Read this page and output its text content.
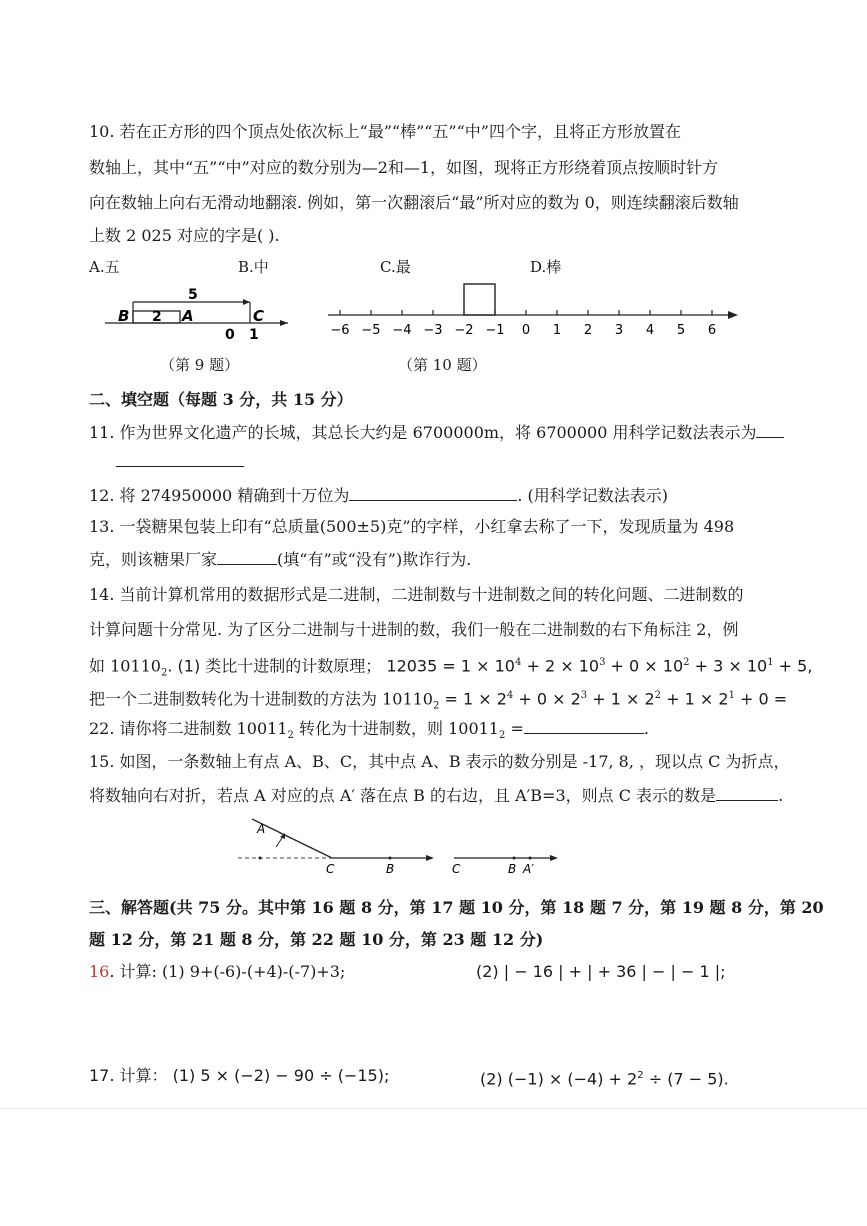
10. 若在正方形的四个顶点处依次标上“最”“棒”“五”“中”四个字，且将正方形放置在
数轴上，其中“五”“中”对应的数分别为—2和—1，如图，现将正方形绕着顶点按顺时针方
向在数轴上向右无滑动地翻滚. 例如，第一次翻滚后“最”所对应的数为 0，则连续翻滚后数轴
上数 2 025 对应的字是( ).
A.五	B.中	C.最	D.棒
B 2 A
5
C
0 1	−6 −5 −4 −3 −2 −1 0 1 2 3 4 5 6
（第 9 题）	（第 10 题）
二、填空题（每题 3 分，共 15 分）
11. 作为世界文化遗产的长城，其总长大约是 6700000m，将 6700000 用科学记数法表示为
12. 将 274950000 精确到十万位为	. (用科学记数法表示)
13. 一袋糖果包装上印有“总质量(500±5)克”的字样，小红拿去称了一下，发现质量为 498
克，则该糖果厂家	(填“有”或“没有”)欺诈行为.
14. 当前计算机常用的数据形式是二进制，二进制数与十进制数之间的转化问题、二进制数的
计算问题十分常见. 为了区分二进制与十进制的数，我们一般在二进制数的右下角标注 2，例
如 $10110_2$. (1) 类比十进制的计数原理； $12035 = 1 \times 10^4 + 2 \times 10^3 + 0 \times 10^2 + 3 \times 10^1 + 5$,
把一个二进制数转化为十进制数的方法为 $10110_2 = 1 \times 2^4 + 0 \times 2^3 + 1 \times 2^2 + 1 \times 2^1 + 0$ =
22. 请你将二进制数 $10011_2$ 转化为十进制数，则 $10011_2$ =	.
15. 如图，一条数轴上有点 A、B、C，其中点 A、B 表示的数分别是 -17, 8, ，现以点 C 为折点，
将数轴向右对折，若点 A 对应的点 A′ 落在点 B 的右边，且 A′B=3，则点 C 表示的数是	.
A
C	B	C	B A′
三、解答题(共 75 分。其中第 16 题 8 分，第 17 题 10 分，第 18 题 7 分，第 19 题 8 分，第 20
题 12 分，第 21 题 8 分，第 22 题 10 分，第 23 题 12 分)
16. 计算: (1) 9+(-6)-(+4)-(-7)+3;	(2) | − 16 | + | + 36 | − | − 1 |;
17. 计算： (1) 5 × (−2) − 90 ÷ (−15);	(2) $(-1) \times (-4) + 2^2 \div (7 - 5)$.
